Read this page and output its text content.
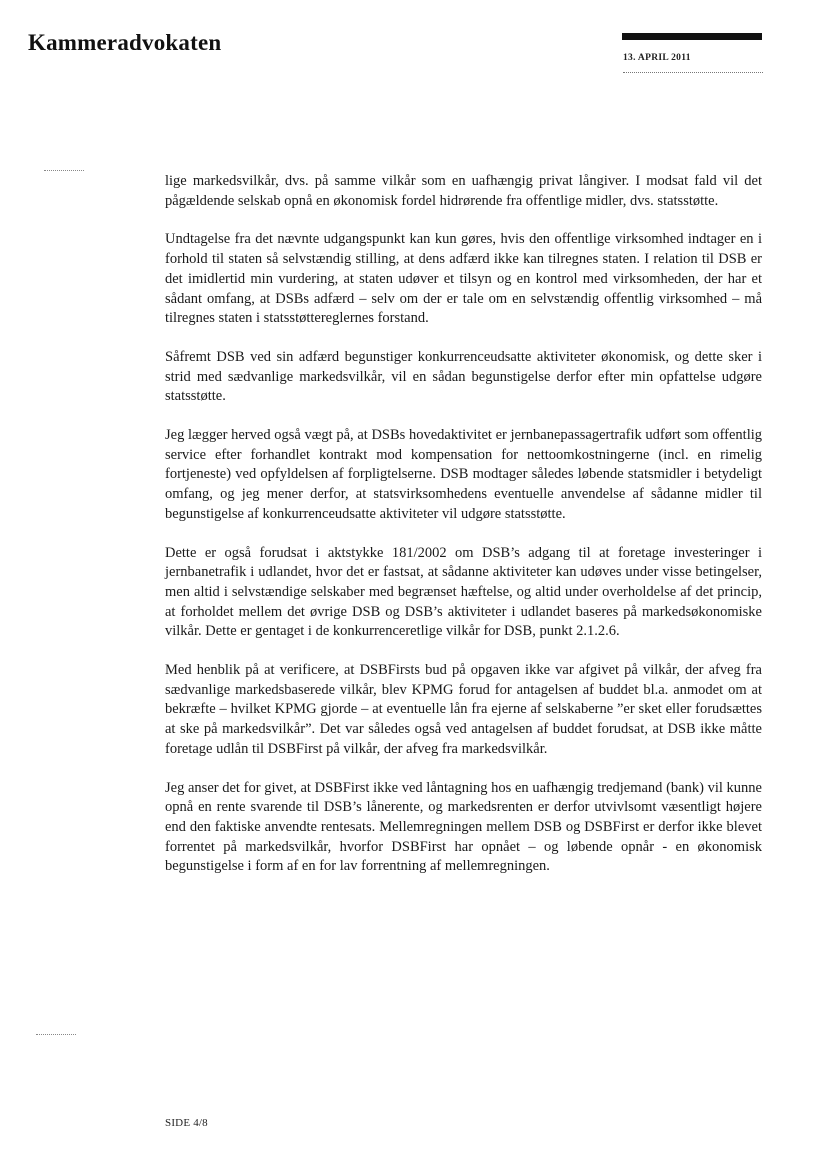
Kammeradvokaten
13. APRIL 2011

lige markedsvilkår, dvs. på samme vilkår som en uafhængig privat långiver. I modsat fald vil det pågældende selskab opnå en økonomisk fordel hidrørende fra offentlige midler, dvs. statsstøtte.

Undtagelse fra det nævnte udgangspunkt kan kun gøres, hvis den offentlige virksomhed indtager en i forhold til staten så selvstændig stilling, at dens adfærd ikke kan tilregnes staten. I relation til DSB er det imidlertid min vurdering, at staten udøver et tilsyn og en kontrol med virksomheden, der har et sådant omfang, at DSBs adfærd – selv om der er tale om en selvstændig offentlig virksomhed – må tilregnes staten i statsstøttereglernes forstand.

Såfremt DSB ved sin adfærd begunstiger konkurrenceudsatte aktiviteter økonomisk, og dette sker i strid med sædvanlige markedsvilkår, vil en sådan begunstigelse derfor efter min opfattelse udgøre statsstøtte.

Jeg lægger herved også vægt på, at DSBs hovedaktivitet er jernbanepassagertrafik udført som offentlig service efter forhandlet kontrakt mod kompensation for nettoomkostningerne (incl. en rimelig fortjeneste) ved opfyldelsen af forpligtelserne. DSB modtager således løbende statsmidler i betydeligt omfang, og jeg mener derfor, at statsvirksomhedens eventuelle anvendelse af sådanne midler til begunstigelse af konkurrenceudsatte aktiviteter vil udgøre statsstøtte.

Dette er også forudsat i aktstykke 181/2002 om DSB’s adgang til at foretage investeringer i jernbanetrafik i udlandet, hvor det er fastsat, at sådanne aktiviteter kan udøves under visse betingelser, men altid i selvstændige selskaber med begrænset hæftelse, og altid under overholdelse af det princip, at forholdet mellem det øvrige DSB og DSB’s aktiviteter i udlandet baseres på markedsøkonomiske vilkår. Dette er gentaget i de konkurrenceretlige vilkår for DSB, punkt 2.1.2.6.

Med henblik på at verificere, at DSBFirsts bud på opgaven ikke var afgivet på vilkår, der afveg fra sædvanlige markedsbaserede vilkår, blev KPMG forud for antagelsen af buddet bl.a. anmodet om at bekræfte – hvilket KPMG gjorde – at eventuelle lån fra ejerne af selskaberne ”er sket eller forudsættes at ske på markedsvilkår”. Det var således også ved antagelsen af buddet forudsat, at DSB ikke måtte foretage udlån til DSBFirst på vilkår, der afveg fra markedsvilkår.

Jeg anser det for givet, at DSBFirst ikke ved låntagning hos en uafhængig tredjemand (bank) vil kunne opnå en rente svarende til DSB’s lånerente, og markedsrenten er derfor utvivlsomt væsentligt højere end den faktiske anvendte rentesats. Mellemregningen mellem DSB og DSBFirst er derfor ikke blevet forrentet på markedsvilkår, hvorfor DSBFirst har opnået – og løbende opnår - en økonomisk begunstigelse i form af en for lav forrentning af mellemregningen.

SIDE 4/8
